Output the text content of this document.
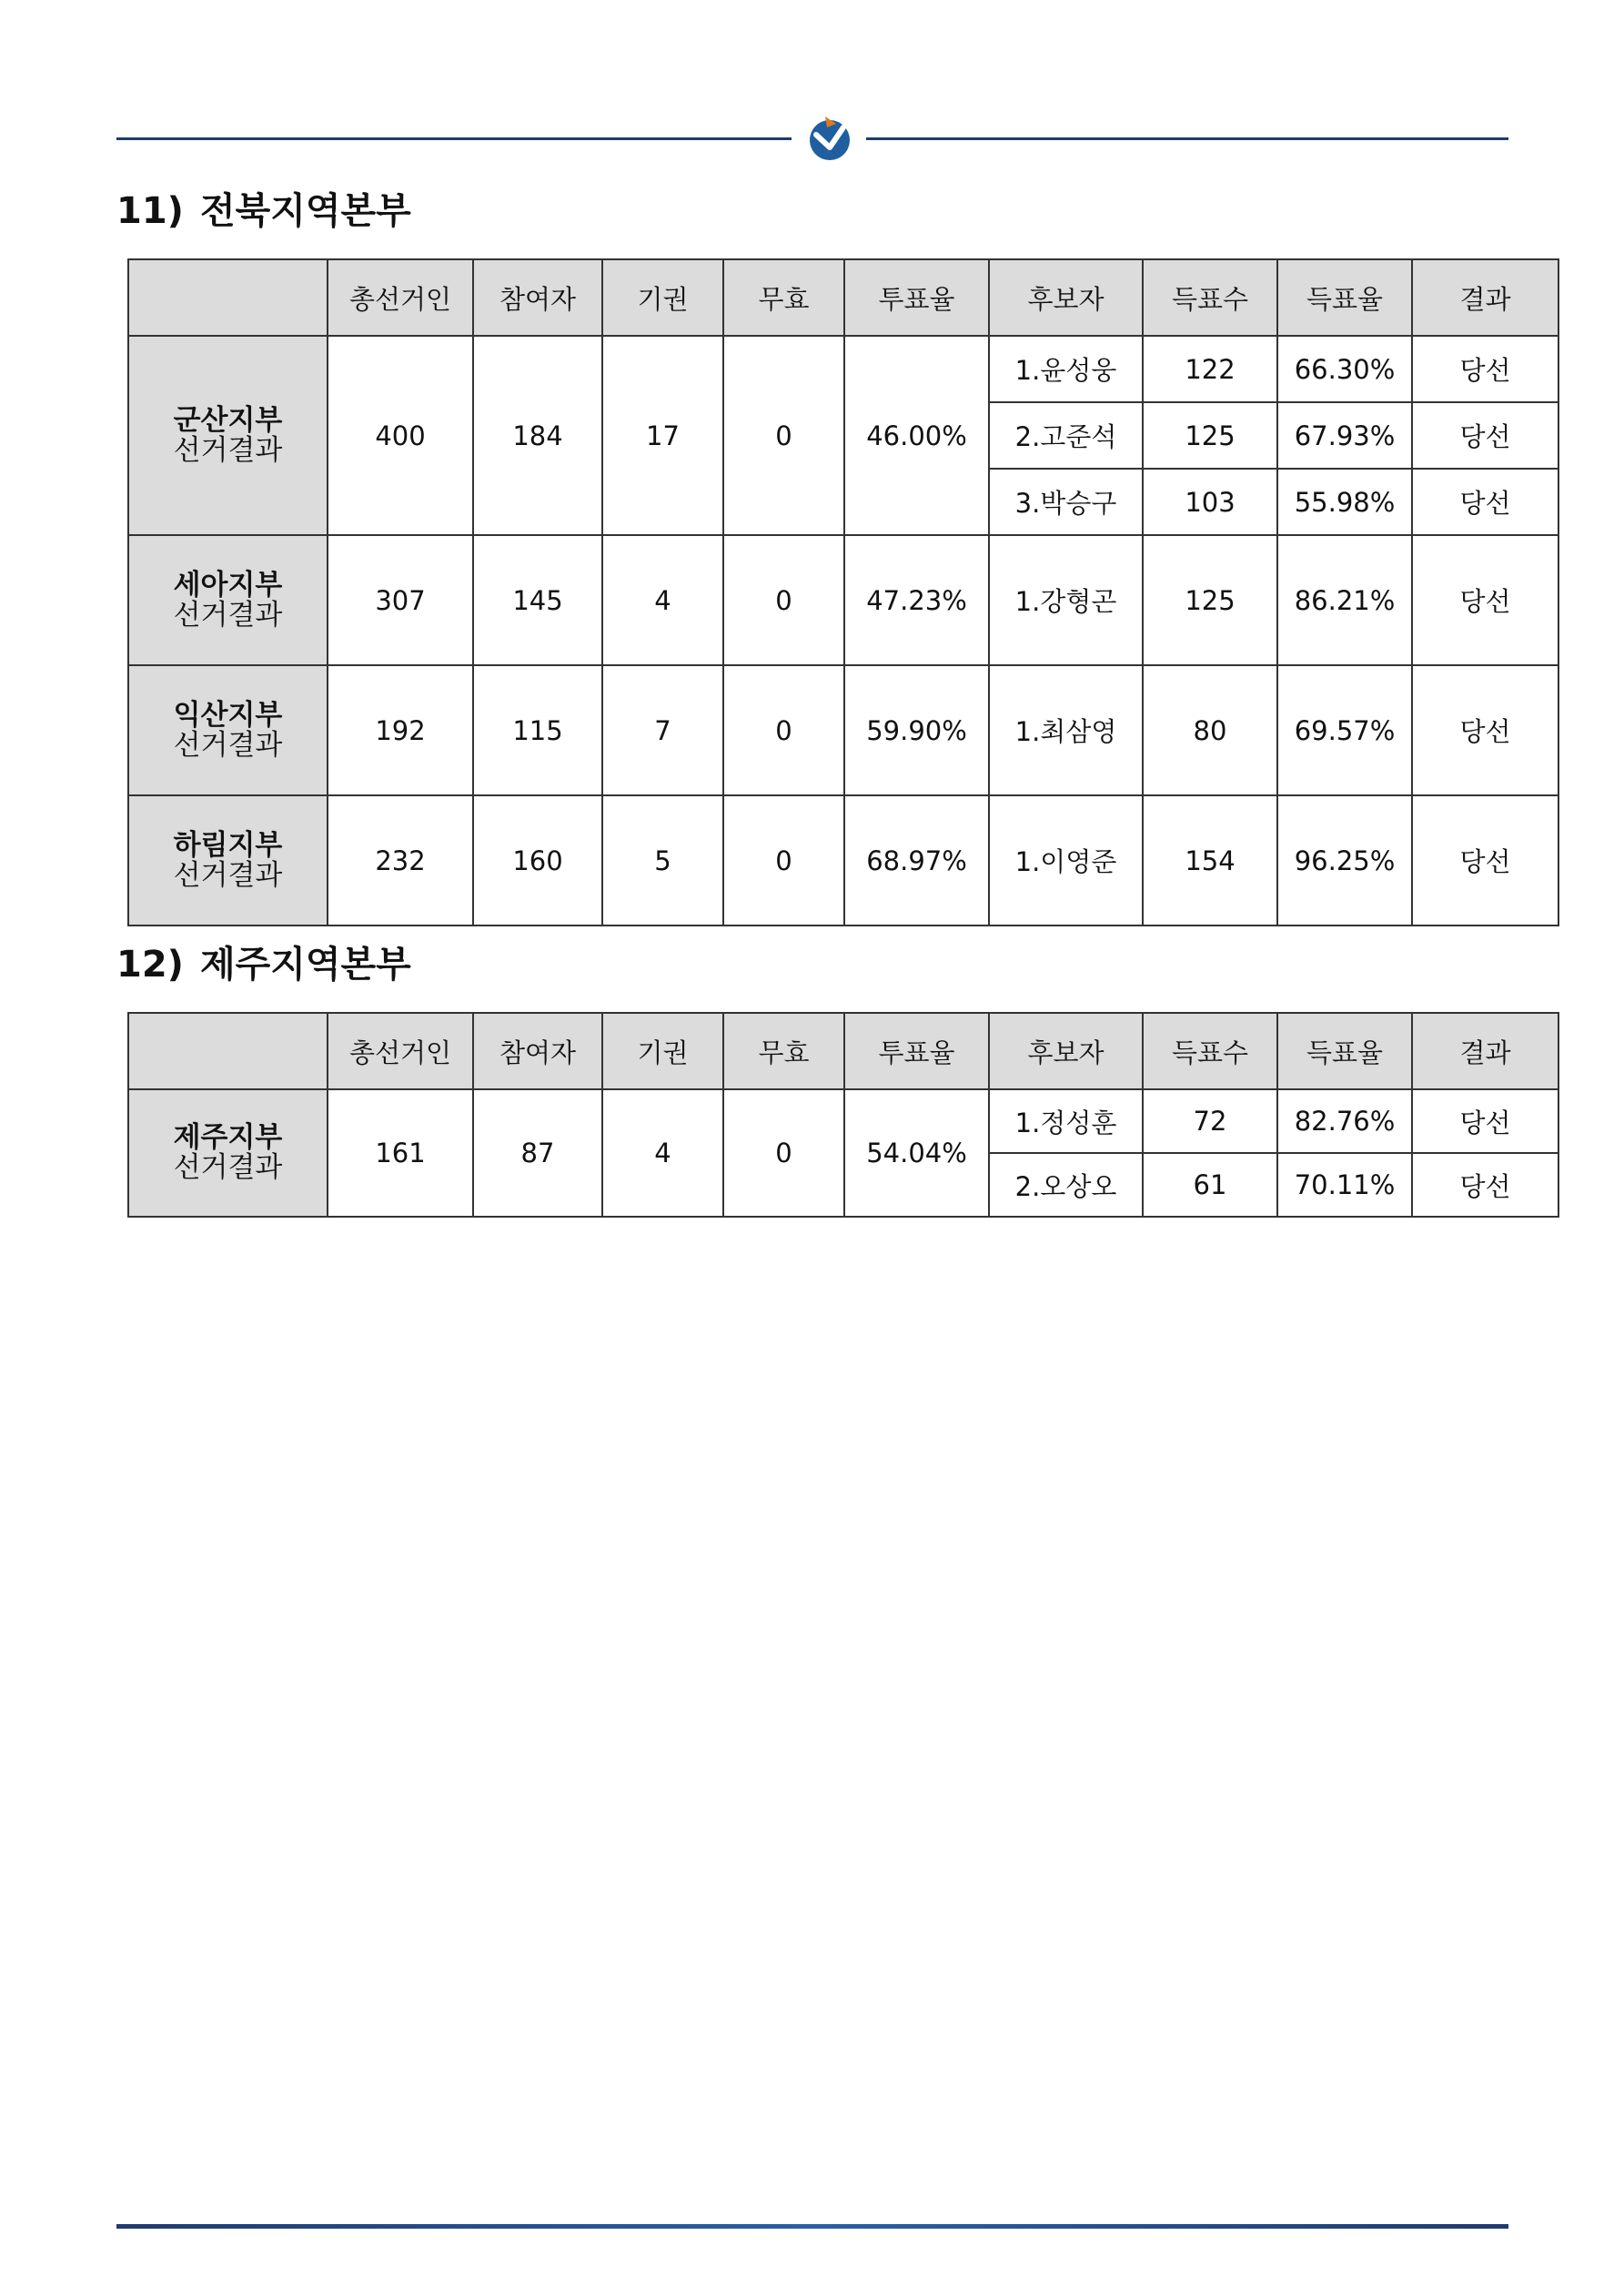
11) 전북지역본부
	총선거인	참여자	기권	무효	투표율	후보자	득표수	득표율	결과

군산지부
선거결과	400	184	17	0	46.00%	1.윤성웅	122	66.30%	당선
						2.고준석	125	67.93%	당선
						3.박승구	103	55.98%	당선

세아지부
선거결과	307	145	4	0	47.23%	1.강형곤	125	86.21%	당선

익산지부
선거결과	192	115	7	0	59.90%	1.최삼영	80	69.57%	당선

하림지부
선거결과	232	160	5	0	68.97%	1.이영준	154	96.25%	당선
12) 제주지역본부
	총선거인	참여자	기권	무효	투표율	후보자	득표수	득표율	결과

제주지부
선거결과	161	87	4	0	54.04%	1.정성훈	72	82.76%	당선
						2.오상오	61	70.11%	당선
